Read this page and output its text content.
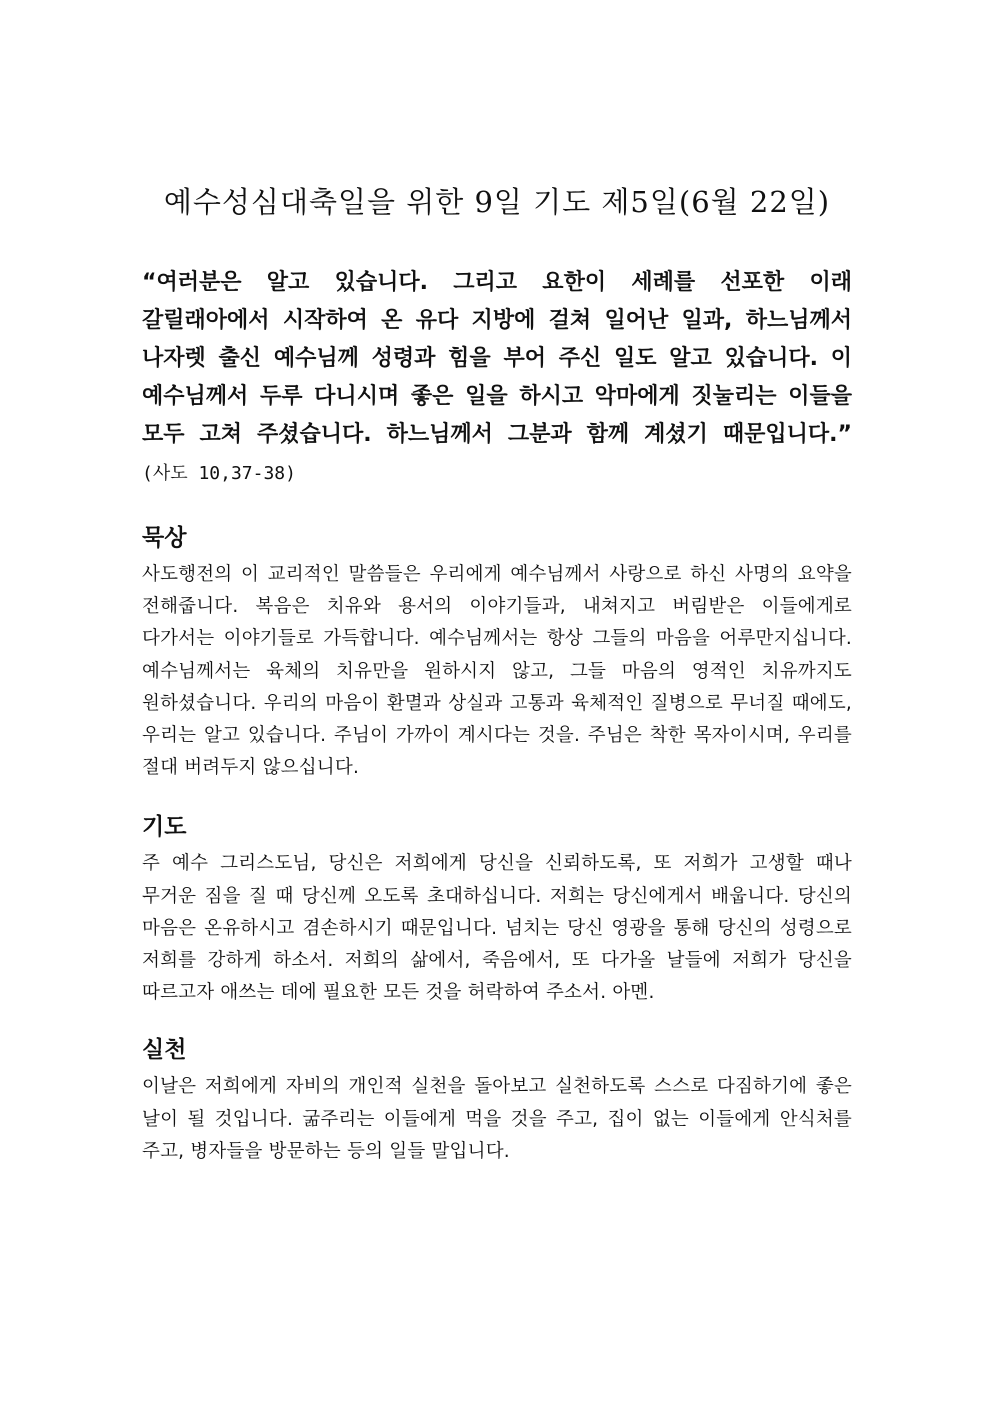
예수성심대축일을 위한 9일 기도 제5일(6월 22일)

“여러분은 알고 있습니다. 그리고 요한이 세례를 선포한 이래 갈릴래아에서 시작하여 온 유다 지방에 걸쳐 일어난 일과, 하느님께서 나자렛 출신 예수님께 성령과 힘을 부어 주신 일도 알고 있습니다. 이 예수님께서 두루 다니시며 좋은 일을 하시고 악마에게 짓눌리는 이들을 모두 고쳐 주셨습니다. 하느님께서 그분과 함께 계셨기 때문입니다.” (사도 10,37-38)

묵상

사도행전의 이 교리적인 말씀들은 우리에게 예수님께서 사랑으로 하신 사명의 요약을 전해줍니다. 복음은 치유와 용서의 이야기들과, 내쳐지고 버림받은 이들에게로 다가서는 이야기들로 가득합니다. 예수님께서는 항상 그들의 마음을 어루만지십니다. 예수님께서는 육체의 치유만을 원하시지 않고, 그들 마음의 영적인 치유까지도 원하셨습니다. 우리의 마음이 환멸과 상실과 고통과 육체적인 질병으로 무너질 때에도, 우리는 알고 있습니다. 주님이 가까이 계시다는 것을. 주님은 착한 목자이시며, 우리를 절대 버려두지 않으십니다.

기도

주 예수 그리스도님, 당신은 저희에게 당신을 신뢰하도록, 또 저희가 고생할 때나 무거운 짐을 질 때 당신께 오도록 초대하십니다. 저희는 당신에게서 배웁니다. 당신의 마음은 온유하시고 겸손하시기 때문입니다. 넘치는 당신 영광을 통해 당신의 성령으로 저희를 강하게 하소서. 저희의 삶에서, 죽음에서, 또 다가올 날들에 저희가 당신을 따르고자 애쓰는 데에 필요한 모든 것을 허락하여 주소서. 아멘.

실천

이날은 저희에게 자비의 개인적 실천을 돌아보고 실천하도록 스스로 다짐하기에 좋은 날이 될 것입니다. 굶주리는 이들에게 먹을 것을 주고, 집이 없는 이들에게 안식처를 주고, 병자들을 방문하는 등의 일들 말입니다.
